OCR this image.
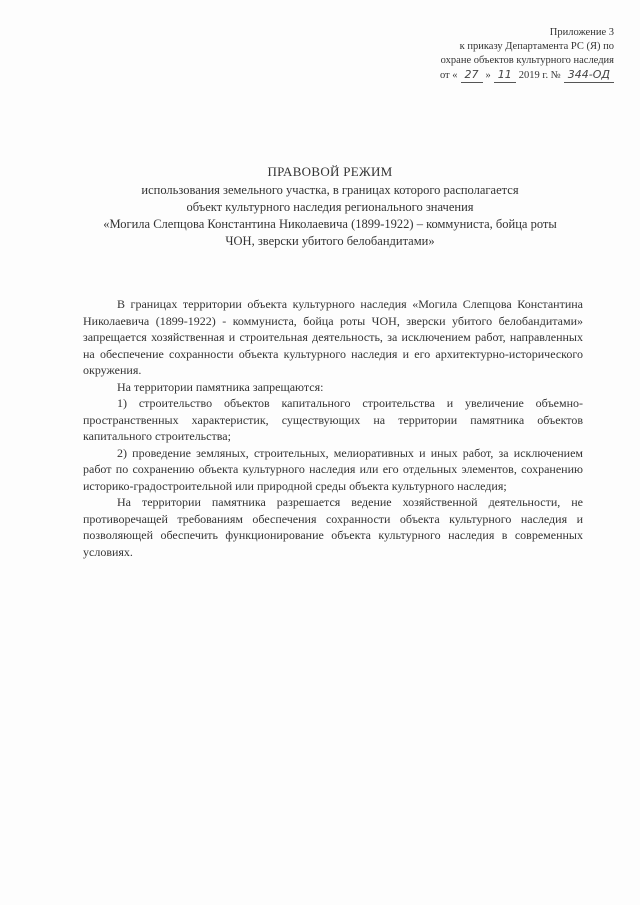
Приложение 3
к приказу Департамента РС (Я) по
охране объектов культурного наследия
от « 27 » 11 2019 г. № 344-ОД
ПРАВОВОЙ РЕЖИМ
использования земельного участка, в границах которого располагается
объект культурного наследия регионального значения
«Могила Слепцова Константина Николаевича (1899-1922) – коммуниста, бойца роты
ЧОН, зверски убитого белобандитами»

В границах территории объекта культурного наследия «Могила Слепцова Константина Николаевича (1899-1922) - коммуниста, бойца роты ЧОН, зверски убитого белобандитами» запрещается хозяйственная и строительная деятельность, за исключением работ, направленных на обеспечение сохранности объекта культурного наследия и его архитектурно-исторического окружения.

На территории памятника запрещаются:

1) строительство объектов капитального строительства и увеличение объемно-пространственных характеристик, существующих на территории памятника объектов капитального строительства;

2) проведение земляных, строительных, мелиоративных и иных работ, за исключением работ по сохранению объекта культурного наследия или его отдельных элементов, сохранению историко-градостроительной или природной среды объекта культурного наследия;

На территории памятника разрешается ведение хозяйственной деятельности, не противоречащей требованиям обеспечения сохранности объекта культурного наследия и позволяющей обеспечить функционирование объекта культурного наследия в современных условиях.
